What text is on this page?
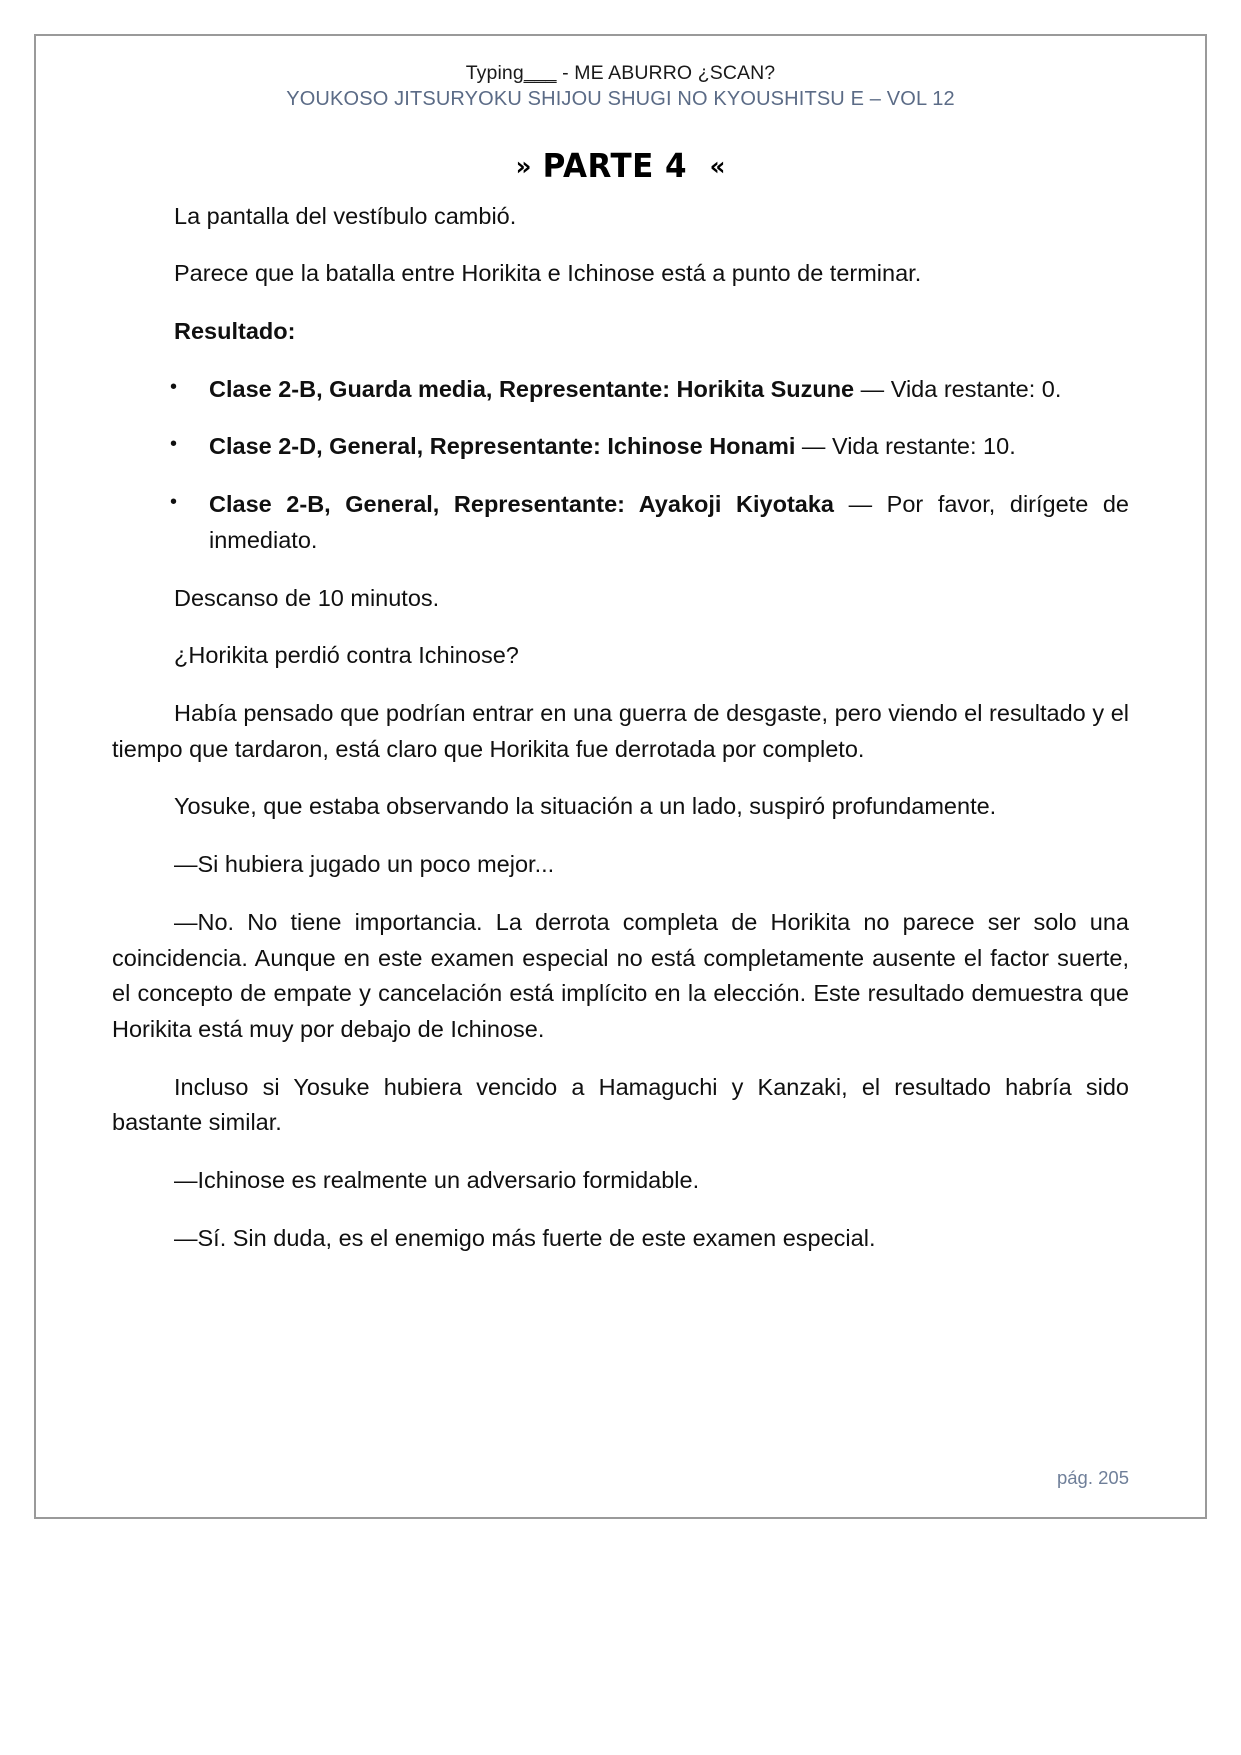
Typing___ - ME ABURRO ¿SCAN?
YOUKOSO JITSURYOKU SHIJOU SHUGI NO KYOUSHITSU E – VOL 12
» PARTE 4 «

La pantalla del vestíbulo cambió.

Parece que la batalla entre Horikita e Ichinose está a punto de terminar.

Resultado:

• Clase 2-B, Guarda media, Representante: Horikita Suzune — Vida restante: 0.
• Clase 2-D, General, Representante: Ichinose Honami — Vida restante: 10.
• Clase 2-B, General, Representante: Ayakoji Kiyotaka — Por favor, dirígete de inmediato.

Descanso de 10 minutos.

¿Horikita perdió contra Ichinose?

Había pensado que podrían entrar en una guerra de desgaste, pero viendo el resultado y el tiempo que tardaron, está claro que Horikita fue derrotada por completo.

Yosuke, que estaba observando la situación a un lado, suspiró profundamente.

—Si hubiera jugado un poco mejor...

—No. No tiene importancia. La derrota completa de Horikita no parece ser solo una coincidencia. Aunque en este examen especial no está completamente ausente el factor suerte, el concepto de empate y cancelación está implícito en la elección. Este resultado demuestra que Horikita está muy por debajo de Ichinose.

Incluso si Yosuke hubiera vencido a Hamaguchi y Kanzaki, el resultado habría sido bastante similar.

—Ichinose es realmente un adversario formidable.

—Sí. Sin duda, es el enemigo más fuerte de este examen especial.

pág. 205
